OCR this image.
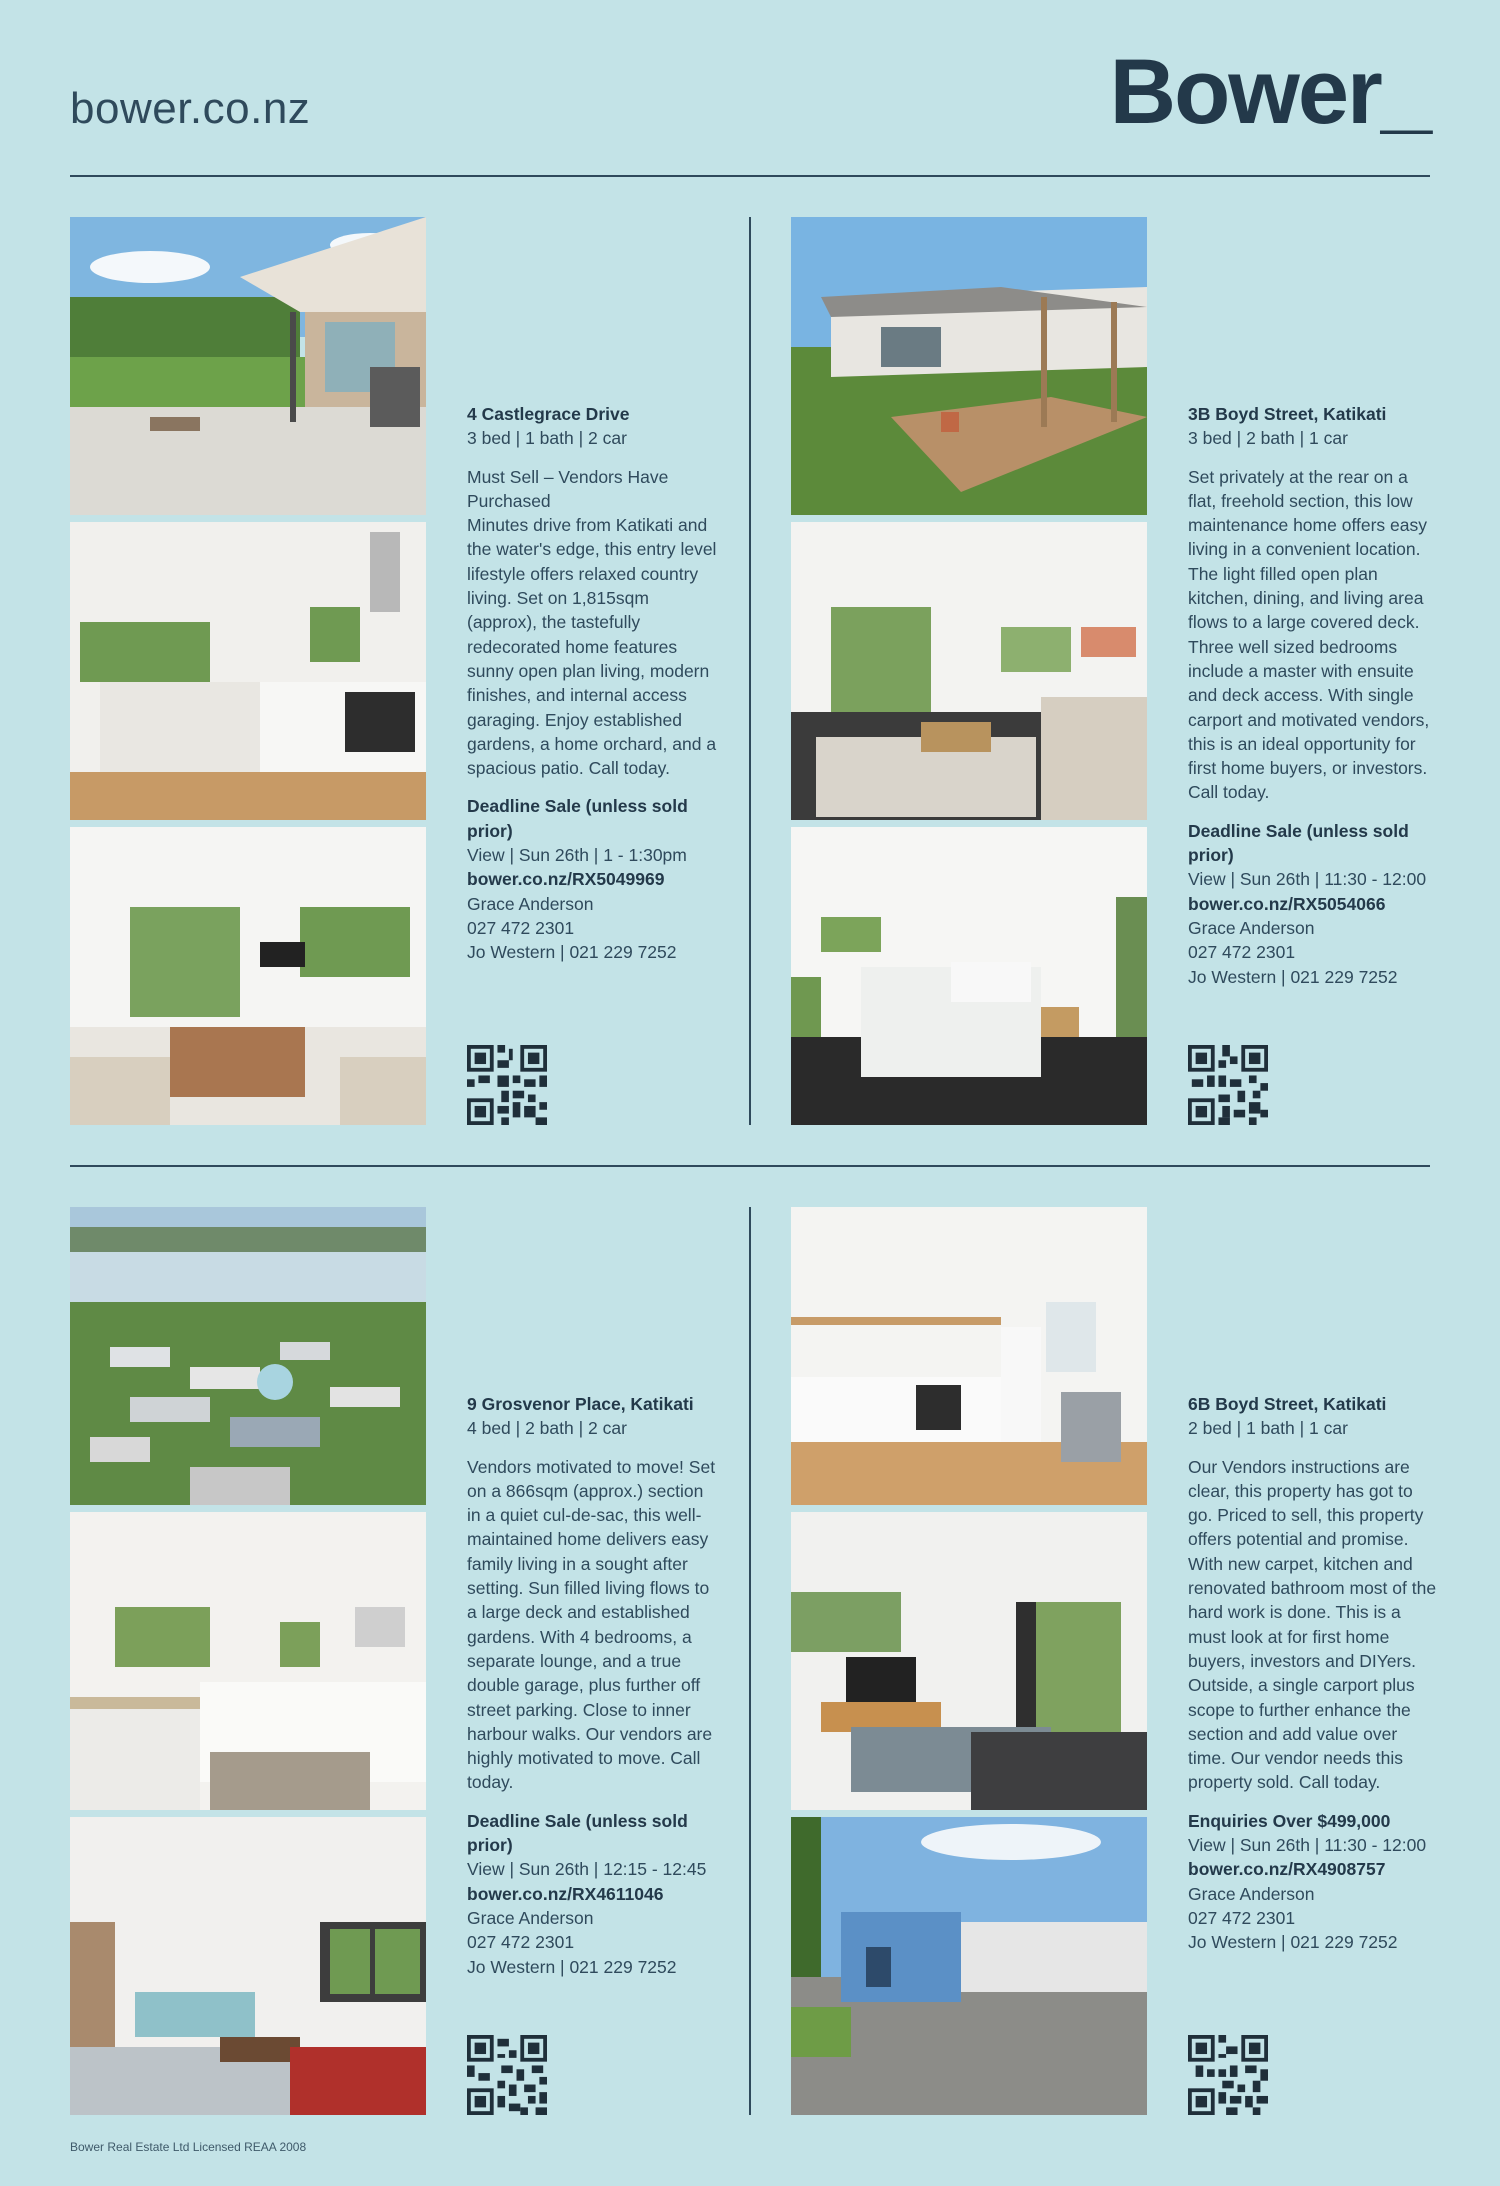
bower.co.nz	Bower_
4 Castlegrace Drive
3 bed | 1 bath | 2 car
Must Sell – Vendors Have Purchased
Minutes drive from Katikati and the water's edge, this entry level lifestyle offers relaxed country living. Set on 1,815sqm (approx), the tastefully redecorated home features sunny open plan living, modern finishes, and internal access garaging. Enjoy established gardens, a home orchard, and a spacious patio. Call today.
Deadline Sale (unless sold prior)
View | Sun 26th | 1 - 1:30pm
bower.co.nz/RX5049969
Grace Anderson
027 472 2301
Jo Western | 021 229 7252
3B Boyd Street, Katikati
3 bed | 2 bath | 1 car
Set privately at the rear on a flat, freehold section, this low maintenance home offers easy living in a convenient location. The light filled open plan kitchen, dining, and living area flows to a large covered deck. Three well sized bedrooms include a master with ensuite and deck access. With single carport and motivated vendors, this is an ideal opportunity for first home buyers, or investors. Call today.
Deadline Sale (unless sold prior)
View | Sun 26th | 11:30 - 12:00
bower.co.nz/RX5054066
Grace Anderson
027 472 2301
Jo Western | 021 229 7252
9 Grosvenor Place, Katikati
4 bed | 2 bath | 2 car
Vendors motivated to move! Set on a 866sqm (approx.) section in a quiet cul-de-sac, this well-maintained home delivers easy family living in a sought after setting. Sun filled living flows to a large deck and established gardens. With 4 bedrooms, a separate lounge, and a true double garage, plus further off street parking. Close to inner harbour walks. Our vendors are highly motivated to move. Call today.
Deadline Sale (unless sold prior)
View | Sun 26th | 12:15 - 12:45
bower.co.nz/RX4611046
Grace Anderson
027 472 2301
Jo Western | 021 229 7252
6B Boyd Street, Katikati
2 bed | 1 bath | 1 car
Our Vendors instructions are clear, this property has got to go. Priced to sell, this property offers potential and promise. With new carpet, kitchen and renovated bathroom most of the hard work is done. This is a must look at for first home buyers, investors and DIYers. Outside, a single carport plus scope to further enhance the section and add value over time. Our vendor needs this property sold. Call today.
Enquiries Over $499,000
View | Sun 26th | 11:30 - 12:00
bower.co.nz/RX4908757
Grace Anderson
027 472 2301
Jo Western | 021 229 7252
Bower Real Estate Ltd Licensed REAA 2008
